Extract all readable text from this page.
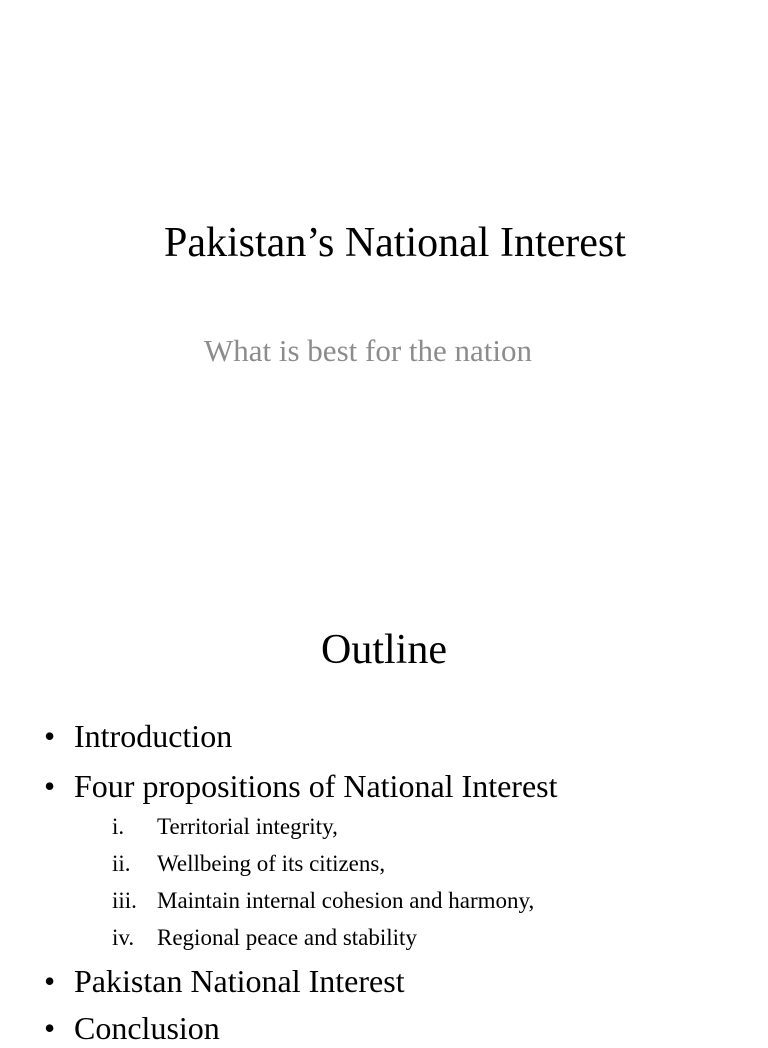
Pakistan’s National Interest
What is best for the nation
Outline
• Introduction
• Four propositions of National Interest
i. Territorial integrity,
ii. Wellbeing of its citizens,
iii. Maintain internal cohesion and harmony,
iv. Regional peace and stability
• Pakistan National Interest
• Conclusion
